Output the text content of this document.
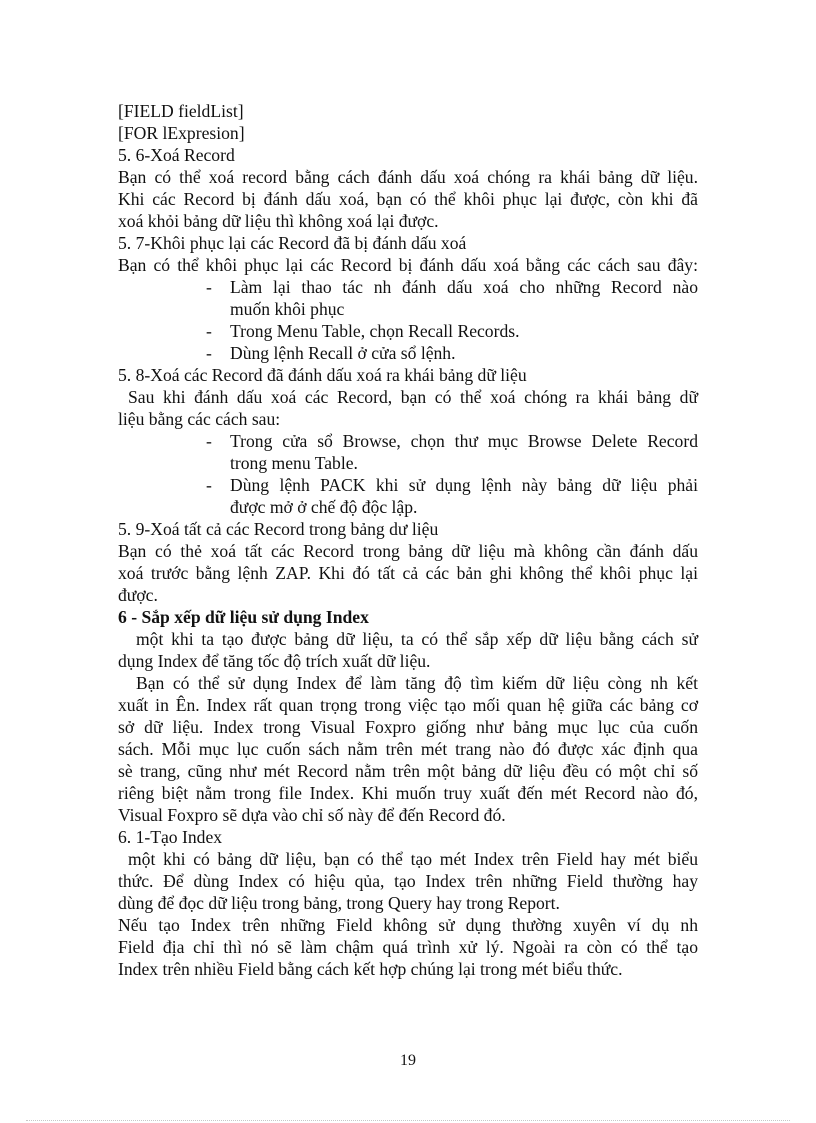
[FIELD fieldList]
[FOR lExpresion]
5. 6-Xoá Record
Bạn có thể xoá record bằng cách đánh dấu xoá chóng ra khái bảng dữ liệu.
Khi các Record bị đánh dấu xoá, bạn có thể khôi phục lại được, còn khi đã
xoá khỏi bảng dữ liệu thì không xoá lại được.
5. 7-Khôi phục lại các Record đã bị đánh dấu xoá
Bạn có thể khôi phục lại các Record bị đánh dấu xoá bằng các cách sau đây:
- Làm lại thao tác nh đánh dấu xoá cho những Record nào
muốn khôi phục
- Trong Menu Table, chọn Recall Records.
- Dùng lệnh Recall ở cửa sổ lệnh.
5. 8-Xoá các Record đã đánh dấu xoá ra khái bảng dữ liệu
Sau khi đánh dấu xoá các Record, bạn có thể xoá chóng ra khái bảng dữ
liệu bằng các cách sau:
- Trong cửa sổ Browse, chọn thư mục Browse Delete Record
trong menu Table.
- Dùng lệnh PACK khi sử dụng lệnh này bảng dữ liệu phải
được mở ở chế độ độc lập.
5. 9-Xoá tất cả các Record trong bảng dư liệu
Bạn có thẻ xoá tất các Record trong bảng dữ liệu mà không cần đánh dấu
xoá trước bằng lệnh ZAP. Khi đó tất cả các bản ghi không thể khôi phục lại
được.
6 - Sắp xếp dữ liệu sử dụng Index
một khi ta tạo được bảng dữ liệu, ta có thể sắp xếp dữ liệu bằng cách sử
dụng Index để tăng tốc độ trích xuất dữ liệu.
Bạn có thể sử dụng Index để làm tăng độ tìm kiếm dữ liệu còng nh kết
xuất in Ên. Index rất quan trọng trong việc tạo mối quan hệ giữa các bảng cơ
sở dữ liệu. Index trong Visual Foxpro giống như bảng mục lục của cuốn
sách. Mỗi mục lục cuốn sách nằm trên mét trang nào đó được xác định qua
sè trang, cũng như mét Record nằm trên một bảng dữ liệu đều có một chỉ số
riêng biệt nằm trong file Index. Khi muốn truy xuất đến mét Record nào đó,
Visual Foxpro sẽ dựa vào chỉ số này để đến Record đó.
6. 1-Tạo Index
một khi có bảng dữ liệu, bạn có thể tạo mét Index trên Field hay mét biểu
thức. Để dùng Index có hiệu qủa, tạo Index trên những Field thường hay
dùng để đọc dữ liệu trong bảng, trong Query hay trong Report.
Nếu tạo Index trên những Field không sử dụng thường xuyên ví dụ nh
Field địa chỉ thì nó sẽ làm chậm quá trình xử lý. Ngoài ra còn có thể tạo
Index trên nhiều Field bằng cách kết hợp chúng lại trong mét biểu thức.
19
